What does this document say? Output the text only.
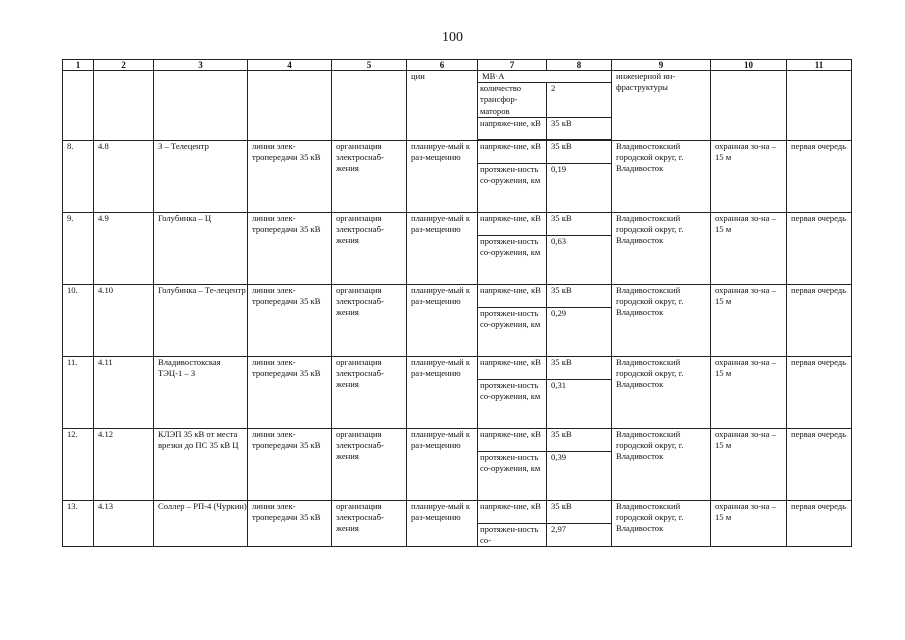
100
1	2	3	4	5	6	7	8	9	10	11
					ции	МВ·А		инженерной ин-фраструктуры		
						количество трансфор-маторов	2			
						напряже-ние, кВ	35 кВ			

8.	4.8	З – Телецентр	линии элек-тропередачи 35 кВ	организация электроснаб-жения	планируе-мый к раз-мещению	напряже-ние, кВ	35 кВ	Владивостокский городской округ, г. Владивосток	охранная зо-на – 15 м	первая очередь
						протяжен-ность со-оружения, км	0,19			
9.	4.9	Голубинка – Ц	линии элек-тропередачи 35 кВ	организация электроснаб-жения	планируе-мый к раз-мещению	напряже-ние, кВ	35 кВ	Владивостокский городской округ, г. Владивосток	охранная зо-на – 15 м	первая очередь
						протяжен-ность со-оружения, км	0,63			
10.	4.10	Голубинка – Те-лецентр	линии элек-тропередачи 35 кВ	организация электроснаб-жения	планируе-мый к раз-мещению	напряже-ние, кВ	35 кВ	Владивостокский городской округ, г. Владивосток	охранная зо-на – 15 м	первая очередь
						протяжен-ность со-оружения, км	0,29			
11.	4.11	Владивостокская ТЭЦ-1 – З	линии элек-тропередачи 35 кВ	организация электроснаб-жения	планируе-мый к раз-мещению	напряже-ние, кВ	35 кВ	Владивостокский городской округ, г. Владивосток	охранная зо-на – 15 м	первая очередь
						протяжен-ность со-оружения, км	0,31			
12.	4.12	КЛЭП 35 кВ от места врезки до ПС 35 кВ Ц	линии элек-тропередачи 35 кВ	организация электроснаб-жения	планируе-мый к раз-мещению	напряже-ние, кВ	35 кВ	Владивостокский городской округ, г. Владивосток	охранная зо-на – 15 м	первая очередь
						протяжен-ность со-оружения, км	0,39			
13.	4.13	Соллер – РП-4 (Чуркин)	линии элек-тропередачи 35 кВ	организация электроснаб-жения	планируе-мый к раз-мещению	напряже-ние, кВ	35 кВ	Владивостокский городской округ, г. Владивосток	охранная зо-на – 15 м	первая очередь
						протяжен-ность со-	2,97			
